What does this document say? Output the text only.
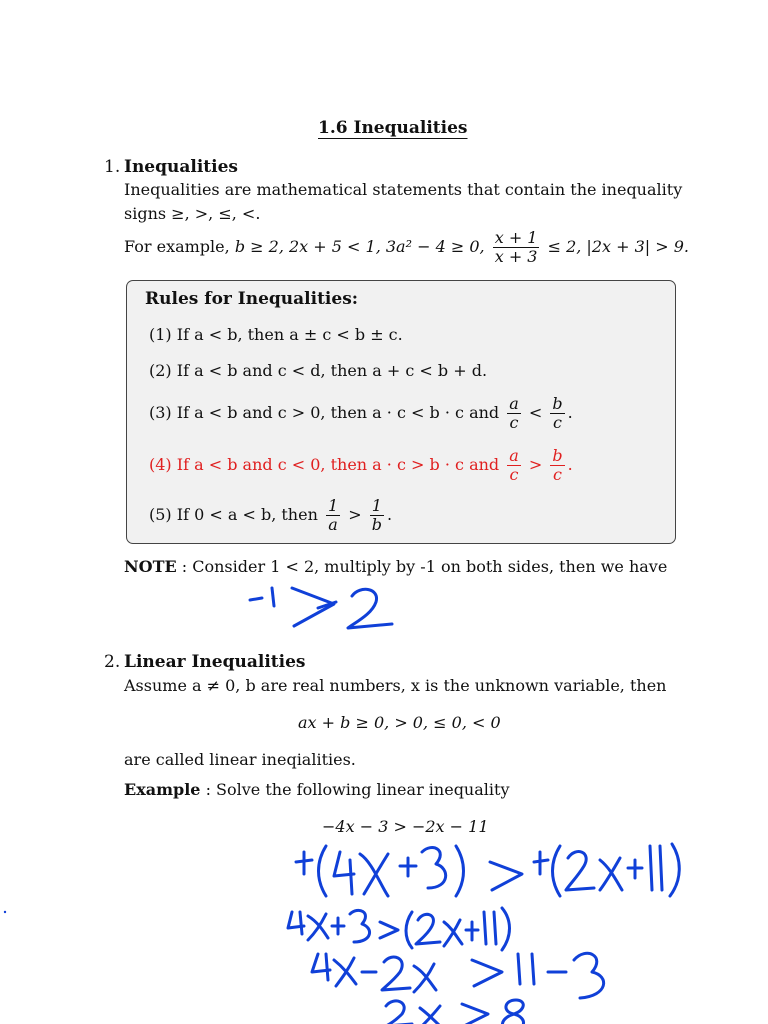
1.6 Inequalities
1. Inequalities
Inequalities are mathematical statements that contain the inequality
signs ≥, >, ≤, <.
For example, b ≥ 2, 2x + 5 < 1, 3a² − 4 ≥ 0, $\frac{x + 1}{x + 3} \le 2$, |2x + 3| > 9.
Rules for Inequalities:
(1) If a < b, then a ± c < b ± c.
(2) If a < b and c < d, then a + c < b + d.
(3) If a < b and c > 0, then a · c < b · c and $\frac{a}{c} < \frac{b}{c}$ .
(4) If a < b and c < 0, then a · c > b · c and $\frac{a}{c} > \frac{b}{c}$ .
(5) If 0 < a < b, then $\frac{1}{a} > \frac{1}{b}$ .
NOTE : Consider 1 < 2, multiply by -1 on both sides, then we have
2. Linear Inequalities
Assume a ≠ 0, b are real numbers, x is the unknown variable, then
ax + b ≥ 0, > 0, ≤ 0, < 0
are called linear ineqialities.
Example : Solve the following linear inequality
−4x − 3 > −2x − 11
